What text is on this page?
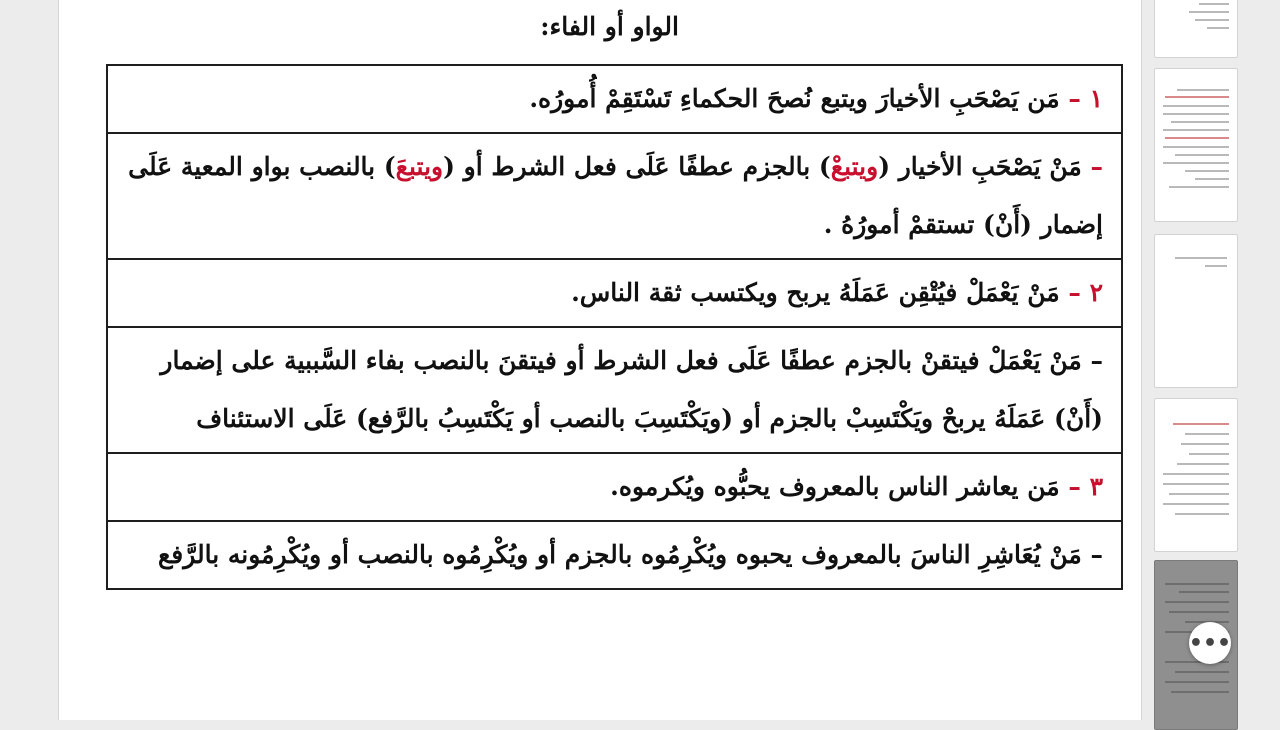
الواو أو الفاء:
١ – مَن يَصْحَبِ الأخيارَ ويتبع نُصحَ الحكماءِ تَسْتَقِمْ أُمورُه.
– مَنْ يَصْحَبِ الأخيار (ويتبعْ) بالجزم عطفًا عَلَى فعل الشرط أو (ويتبعَ) بالنصب بواو المعية عَلَى إضمار (أَنْ) تستقمْ أمورُهُ .
٢ – مَنْ يَعْمَلْ فيُتْقِن عَمَلَهُ يربح ويكتسب ثقة الناس.
– مَنْ يَعْمَلْ فيتقنْ بالجزم عطفًا عَلَى فعل الشرط أو فيتقنَ بالنصب بفاء السَّببية على إضمار (أَنْ) عَمَلَهُ يربحْ ويَكْتَسِبْ بالجزم أو (ويَكْتَسِبَ بالنصب أو يَكْتَسِبُ بالرَّفع) عَلَى الاستئناف
٣ – مَن يعاشر الناس بالمعروف يحبُّوه ويُكرموه.
– مَنْ يُعَاشِرِ الناسَ بالمعروف يحبوه ويُكْرِمُوه بالجزم أو ويُكْرِمُوه بالنصب أو ويُكْرِمُونه بالرَّفع
•••
